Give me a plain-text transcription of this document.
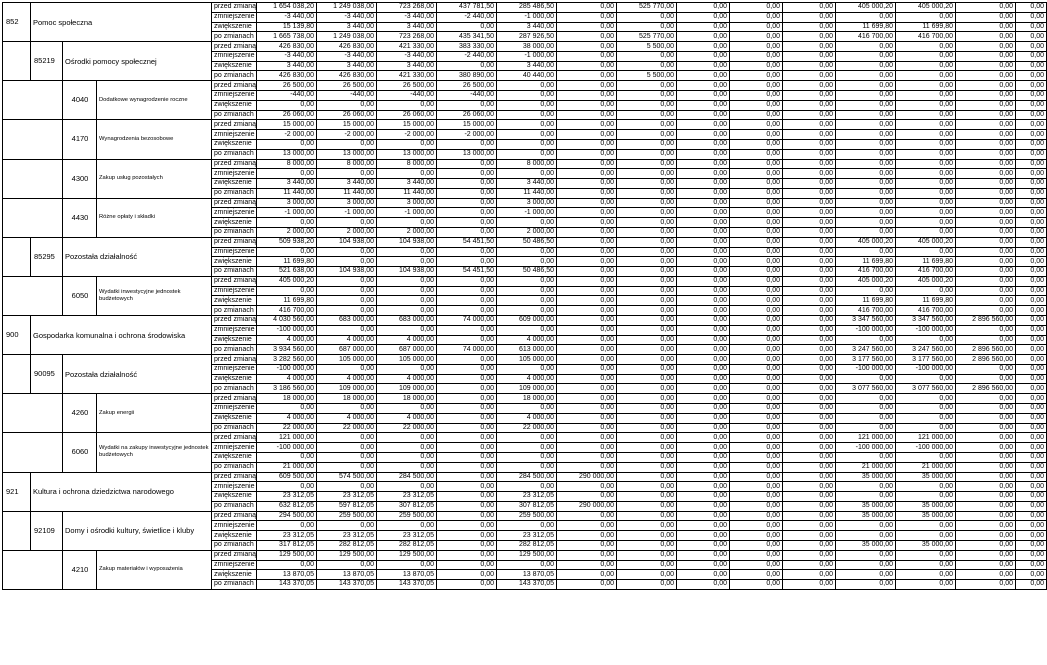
852	Pomoc społeczna			przed zmianą	1 654 038,20	1 249 038,00	723 268,00	437 781,50	285 486,50	0,00	525 770,00	0,00	0,00	0,00	405 000,20	405 000,20	0,00	0,00
				zmniejszenie	-3 440,00	-3 440,00	-3 440,00	-2 440,00	-1 000,00	0,00	0,00	0,00	0,00	0,00	0,00	0,00	0,00	0,00
				zwiększenie	15 139,80	3 440,00	3 440,00	0,00	3 440,00	0,00	0,00	0,00	0,00	0,00	11 699,80	11 699,80	0,00	0,00
				po zmianach	1 665 738,00	1 249 038,00	723 268,00	435 341,50	287 926,50	0,00	525 770,00	0,00	0,00	0,00	416 700,00	416 700,00	0,00	0,00
	85219	Ośrodki pomocy społecznej		przed zmianą	426 830,00	426 830,00	421 330,00	383 330,00	38 000,00	0,00	5 500,00	0,00	0,00	0,00	0,00	0,00	0,00	0,00
				zmniejszenie	-3 440,00	-3 440,00	-3 440,00	-2 440,00	-1 000,00	0,00	0,00	0,00	0,00	0,00	0,00	0,00	0,00	0,00
				zwiększenie	3 440,00	3 440,00	3 440,00	0,00	3 440,00	0,00	0,00	0,00	0,00	0,00	0,00	0,00	0,00	0,00
				po zmianach	426 830,00	426 830,00	421 330,00	380 890,00	40 440,00	0,00	5 500,00	0,00	0,00	0,00	0,00	0,00	0,00	0,00
		4040	Dodatkowe wynagrodzenie roczne	przed zmianą	26 500,00	26 500,00	26 500,00	26 500,00	0,00	0,00	0,00	0,00	0,00	0,00	0,00	0,00	0,00	0,00
				zmniejszenie	-440,00	-440,00	-440,00	-440,00	0,00	0,00	0,00	0,00	0,00	0,00	0,00	0,00	0,00	0,00
				zwiększenie	0,00	0,00	0,00	0,00	0,00	0,00	0,00	0,00	0,00	0,00	0,00	0,00	0,00	0,00
				po zmianach	26 060,00	26 060,00	26 060,00	26 060,00	0,00	0,00	0,00	0,00	0,00	0,00	0,00	0,00	0,00	0,00
		4170	Wynagrodzenia bezosobowe	przed zmianą	15 000,00	15 000,00	15 000,00	15 000,00	0,00	0,00	0,00	0,00	0,00	0,00	0,00	0,00	0,00	0,00
				zmniejszenie	-2 000,00	-2 000,00	-2 000,00	-2 000,00	0,00	0,00	0,00	0,00	0,00	0,00	0,00	0,00	0,00	0,00
				zwiększenie	0,00	0,00	0,00	0,00	0,00	0,00	0,00	0,00	0,00	0,00	0,00	0,00	0,00	0,00
				po zmianach	13 000,00	13 000,00	13 000,00	13 000,00	0,00	0,00	0,00	0,00	0,00	0,00	0,00	0,00	0,00	0,00
		4300	Zakup usług pozostałych	przed zmianą	8 000,00	8 000,00	8 000,00	0,00	8 000,00	0,00	0,00	0,00	0,00	0,00	0,00	0,00	0,00	0,00
				zmniejszenie	0,00	0,00	0,00	0,00	0,00	0,00	0,00	0,00	0,00	0,00	0,00	0,00	0,00	0,00
				zwiększenie	3 440,00	3 440,00	3 440,00	0,00	3 440,00	0,00	0,00	0,00	0,00	0,00	0,00	0,00	0,00	0,00
				po zmianach	11 440,00	11 440,00	11 440,00	0,00	11 440,00	0,00	0,00	0,00	0,00	0,00	0,00	0,00	0,00	0,00
		4430	Różne opłaty i składki	przed zmianą	3 000,00	3 000,00	3 000,00	0,00	3 000,00	0,00	0,00	0,00	0,00	0,00	0,00	0,00	0,00	0,00
				zmniejszenie	-1 000,00	-1 000,00	-1 000,00	0,00	-1 000,00	0,00	0,00	0,00	0,00	0,00	0,00	0,00	0,00	0,00
				zwiększenie	0,00	0,00	0,00	0,00	0,00	0,00	0,00	0,00	0,00	0,00	0,00	0,00	0,00	0,00
				po zmianach	2 000,00	2 000,00	2 000,00	0,00	2 000,00	0,00	0,00	0,00	0,00	0,00	0,00	0,00	0,00	0,00
	85295	Pozostała działalność		przed zmianą	509 938,20	104 938,00	104 938,00	54 451,50	50 486,50	0,00	0,00	0,00	0,00	0,00	405 000,20	405 000,20	0,00	0,00
				zmniejszenie	0,00	0,00	0,00	0,00	0,00	0,00	0,00	0,00	0,00	0,00	0,00	0,00	0,00	0,00
				zwiększenie	11 699,80	0,00	0,00	0,00	0,00	0,00	0,00	0,00	0,00	0,00	11 699,80	11 699,80	0,00	0,00
				po zmianach	521 638,00	104 938,00	104 938,00	54 451,50	50 486,50	0,00	0,00	0,00	0,00	0,00	416 700,00	416 700,00	0,00	0,00
		6050	Wydatki inwestycyjne jednostek budżetowych	przed zmianą	405 000,20	0,00	0,00	0,00	0,00	0,00	0,00	0,00	0,00	0,00	405 000,20	405 000,20	0,00	0,00
				zmniejszenie	0,00	0,00	0,00	0,00	0,00	0,00	0,00	0,00	0,00	0,00	0,00	0,00	0,00	0,00
				zwiększenie	11 699,80	0,00	0,00	0,00	0,00	0,00	0,00	0,00	0,00	0,00	11 699,80	11 699,80	0,00	0,00
				po zmianach	416 700,00	0,00	0,00	0,00	0,00	0,00	0,00	0,00	0,00	0,00	416 700,00	416 700,00	0,00	0,00
900	Gospodarka komunalna i ochrona środowiska			przed zmianą	4 030 560,00	683 000,00	683 000,00	74 000,00	609 000,00	0,00	0,00	0,00	0,00	0,00	3 347 560,00	3 347 560,00	2 896 560,00	0,00
				zmniejszenie	-100 000,00	0,00	0,00	0,00	0,00	0,00	0,00	0,00	0,00	0,00	-100 000,00	-100 000,00	0,00	0,00
				zwiększenie	4 000,00	4 000,00	4 000,00	0,00	4 000,00	0,00	0,00	0,00	0,00	0,00	0,00	0,00	0,00	0,00
				po zmianach	3 934 560,00	687 000,00	687 000,00	74 000,00	613 000,00	0,00	0,00	0,00	0,00	0,00	3 247 560,00	3 247 560,00	2 896 560,00	0,00
	90095	Pozostała działalność		przed zmianą	3 282 560,00	105 000,00	105 000,00	0,00	105 000,00	0,00	0,00	0,00	0,00	0,00	3 177 560,00	3 177 560,00	2 896 560,00	0,00
				zmniejszenie	-100 000,00	0,00	0,00	0,00	0,00	0,00	0,00	0,00	0,00	0,00	-100 000,00	-100 000,00	0,00	0,00
				zwiększenie	4 000,00	4 000,00	4 000,00	0,00	4 000,00	0,00	0,00	0,00	0,00	0,00	0,00	0,00	0,00	0,00
				po zmianach	3 186 560,00	109 000,00	109 000,00	0,00	109 000,00	0,00	0,00	0,00	0,00	0,00	3 077 560,00	3 077 560,00	2 896 560,00	0,00
		4260	Zakup energii	przed zmianą	18 000,00	18 000,00	18 000,00	0,00	18 000,00	0,00	0,00	0,00	0,00	0,00	0,00	0,00	0,00	0,00
				zmniejszenie	0,00	0,00	0,00	0,00	0,00	0,00	0,00	0,00	0,00	0,00	0,00	0,00	0,00	0,00
				zwiększenie	4 000,00	4 000,00	4 000,00	0,00	4 000,00	0,00	0,00	0,00	0,00	0,00	0,00	0,00	0,00	0,00
				po zmianach	22 000,00	22 000,00	22 000,00	0,00	22 000,00	0,00	0,00	0,00	0,00	0,00	0,00	0,00	0,00	0,00
		6060	Wydatki na zakupy inwestycyjne jednostek budżetowych	przed zmianą	121 000,00	0,00	0,00	0,00	0,00	0,00	0,00	0,00	0,00	0,00	121 000,00	121 000,00	0,00	0,00
				zmniejszenie	-100 000,00	0,00	0,00	0,00	0,00	0,00	0,00	0,00	0,00	0,00	-100 000,00	-100 000,00	0,00	0,00
				zwiększenie	0,00	0,00	0,00	0,00	0,00	0,00	0,00	0,00	0,00	0,00	0,00	0,00	0,00	0,00
				po zmianach	21 000,00	0,00	0,00	0,00	0,00	0,00	0,00	0,00	0,00	0,00	21 000,00	21 000,00	0,00	0,00
921	Kultura i ochrona dziedzictwa narodowego			przed zmianą	609 500,00	574 500,00	284 500,00	0,00	284 500,00	290 000,00	0,00	0,00	0,00	0,00	35 000,00	35 000,00	0,00	0,00
				zmniejszenie	0,00	0,00	0,00	0,00	0,00	0,00	0,00	0,00	0,00	0,00	0,00	0,00	0,00	0,00
				zwiększenie	23 312,05	23 312,05	23 312,05	0,00	23 312,05	0,00	0,00	0,00	0,00	0,00	0,00	0,00	0,00	0,00
				po zmianach	632 812,05	597 812,05	307 812,05	0,00	307 812,05	290 000,00	0,00	0,00	0,00	0,00	35 000,00	35 000,00	0,00	0,00
	92109	Domy i ośrodki kultury, świetlice i kluby		przed zmianą	294 500,00	259 500,00	259 500,00	0,00	259 500,00	0,00	0,00	0,00	0,00	0,00	35 000,00	35 000,00	0,00	0,00
				zmniejszenie	0,00	0,00	0,00	0,00	0,00	0,00	0,00	0,00	0,00	0,00	0,00	0,00	0,00	0,00
				zwiększenie	23 312,05	23 312,05	23 312,05	0,00	23 312,05	0,00	0,00	0,00	0,00	0,00	0,00	0,00	0,00	0,00
				po zmianach	317 812,05	282 812,05	282 812,05	0,00	282 812,05	0,00	0,00	0,00	0,00	0,00	35 000,00	35 000,00	0,00	0,00
		4210	Zakup materiałów i wyposażenia	przed zmianą	129 500,00	129 500,00	129 500,00	0,00	129 500,00	0,00	0,00	0,00	0,00	0,00	0,00	0,00	0,00	0,00
				zmniejszenie	0,00	0,00	0,00	0,00	0,00	0,00	0,00	0,00	0,00	0,00	0,00	0,00	0,00	0,00
				zwiększenie	13 870,05	13 870,05	13 870,05	0,00	13 870,05	0,00	0,00	0,00	0,00	0,00	0,00	0,00	0,00	0,00
				po zmianach	143 370,05	143 370,05	143 370,05	0,00	143 370,05	0,00	0,00	0,00	0,00	0,00	0,00	0,00	0,00	0,00
